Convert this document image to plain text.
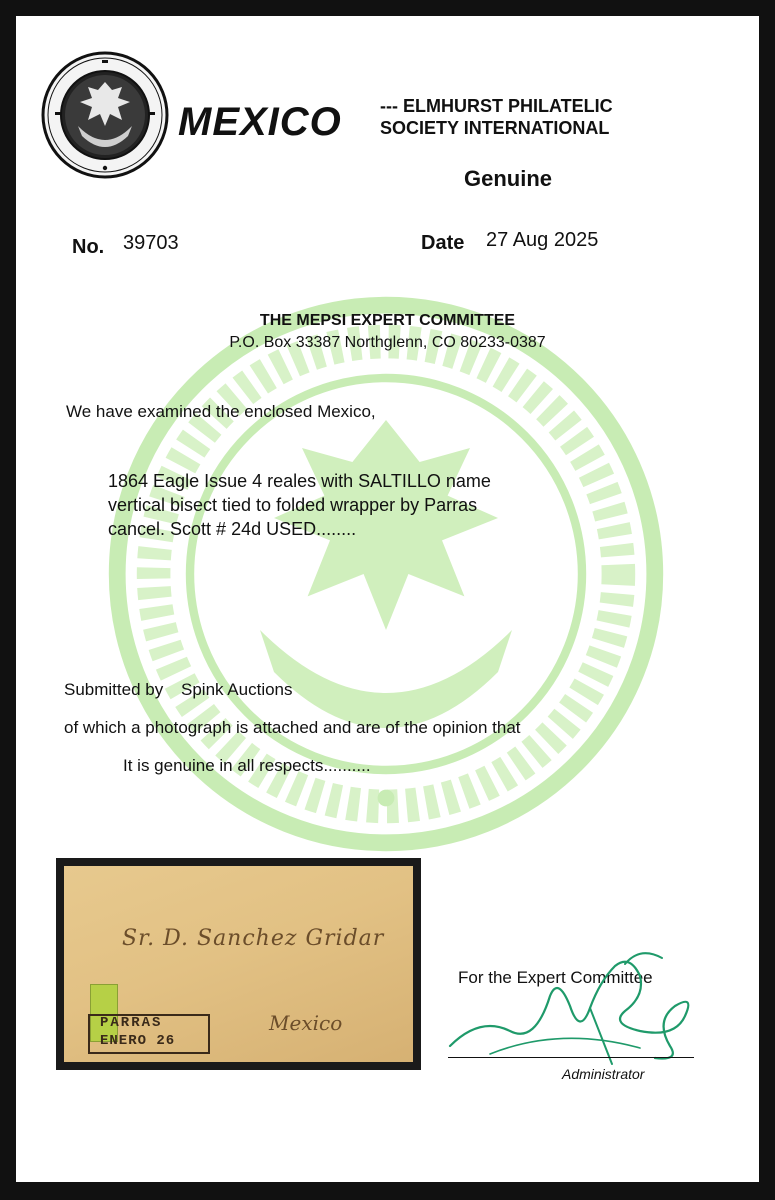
MEXICO --- ELMHURST PHILATELIC
SOCIETY INTERNATIONAL
Genuine
No. 39703	Date 27 Aug 2025
THE MEPSI EXPERT COMMITTEE
P.O. Box 33387 Northglenn, CO 80233-0387
We have examined the enclosed Mexico,
1864 Eagle Issue 4 reales with SALTILLO name
vertical bisect tied to folded wrapper by Parras
cancel. Scott # 24d USED........
Submitted by Spink Auctions
of which a photograph is attached and are of the opinion that
It is genuine in all respects..........
Sr. D. Sanchez Gridar
Mexico
PARRAS
ENERO 26
For the Expert Committee
Administrator
